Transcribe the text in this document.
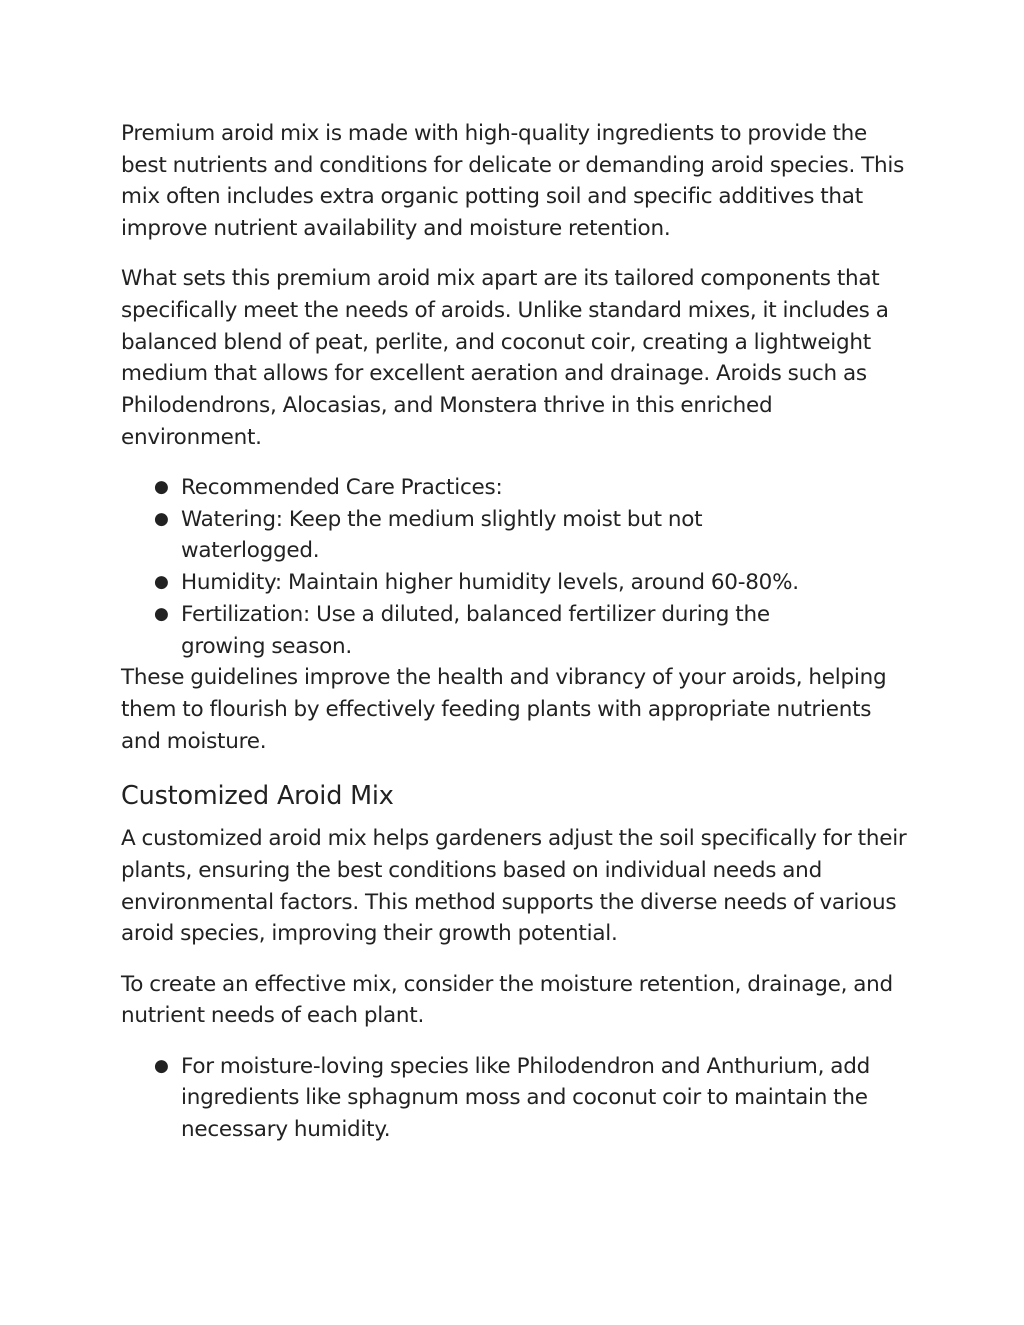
Premium aroid mix is made with high-quality ingredients to provide the best nutrients and conditions for delicate or demanding aroid species. This mix often includes extra organic potting soil and specific additives that improve nutrient availability and moisture retention.

What sets this premium aroid mix apart are its tailored components that specifically meet the needs of aroids. Unlike standard mixes, it includes a balanced blend of peat, perlite, and coconut coir, creating a lightweight medium that allows for excellent aeration and drainage. Aroids such as Philodendrons, Alocasias, and Monstera thrive in this enriched environment.

● Recommended Care Practices:
● Watering: Keep the medium slightly moist but not waterlogged.
● Humidity: Maintain higher humidity levels, around 60-80%.
● Fertilization: Use a diluted, balanced fertilizer during the growing season.

These guidelines improve the health and vibrancy of your aroids, helping them to flourish by effectively feeding plants with appropriate nutrients and moisture.

Customized Aroid Mix

A customized aroid mix helps gardeners adjust the soil specifically for their plants, ensuring the best conditions based on individual needs and environmental factors. This method supports the diverse needs of various aroid species, improving their growth potential.

To create an effective mix, consider the moisture retention, drainage, and nutrient needs of each plant.

● For moisture-loving species like Philodendron and Anthurium, add ingredients like sphagnum moss and coconut coir to maintain the necessary humidity.
